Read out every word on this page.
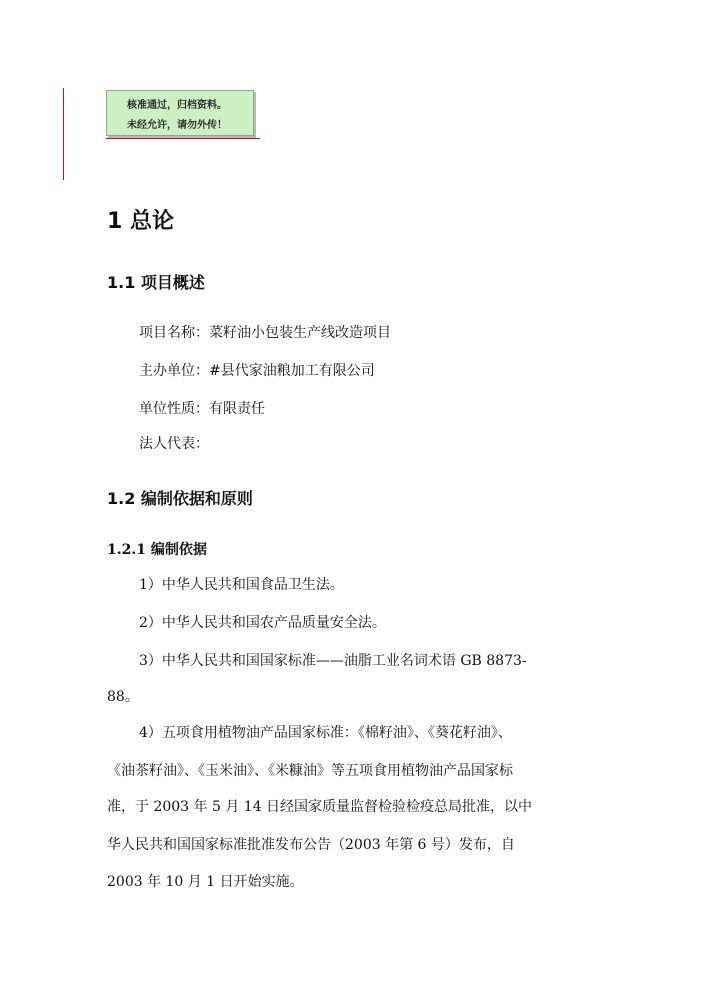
核准通过，归档资料。
未经允许，请勿外传！
1 总论
1.1 项目概述
项目名称：菜籽油小包装生产线改造项目
主办单位：#县代家油粮加工有限公司
单位性质：有限责任
法人代表：
1.2 编制依据和原则
1.2.1 编制依据
1）中华人民共和国食品卫生法。
2）中华人民共和国农产品质量安全法。
3）中华人民共和国国家标准——油脂工业名词术语 GB 8873-
88。
4）五项食用植物油产品国家标准：《棉籽油》、《葵花籽油》、
《油茶籽油》、《玉米油》、《米糠油》等五项食用植物油产品国家标
准，于 2003 年 5 月 14 日经国家质量监督检验检疫总局批准，以中
华人民共和国国家标准批准发布公告（2003 年第 6 号）发布，自
2003 年 10 月 1 日开始实施。
